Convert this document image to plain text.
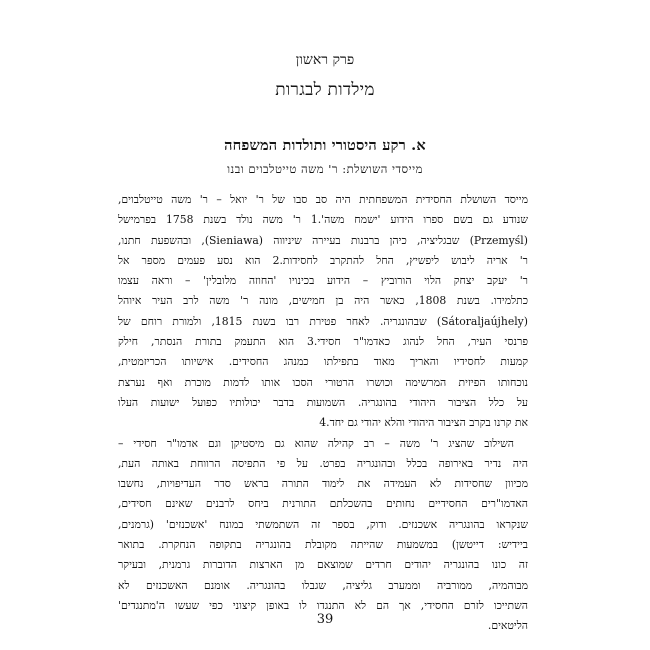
פרק ראשון
מילדות לבגרות
א. רקע היסטורי ותולדות המשפחה
מייסדי השושלת: ר' משה טייטלבוים ובנו
מייסד השושלת החסידית המשפחתית היה סב סבו של ר' יואל – ר' משה טייטלבוים,
שנודע גם בשם ספרו הידוע 'ישמח משה'.1 ר' משה נולד בשנת 1758 בפרמישל
(Przemyśl) שבגליציה, כיהן ברבנות בעיירה שיניווה (Sieniawa), ובהשפעת חתנו,
ר' אריה ליבוש ליפשיץ, החל להתקרב לחסידות.2 הוא נסע פעמים מספר אל
ר' יעקב יצחק הלוי הורוביץ – הידוע בכינויו 'החוזה מלובלין' – וראה עצמו
כתלמידו. בשנת 1808, כאשר היה בן חמישים, מונה ר' משה לרב העיר איוהל
(Sátoraljaújhely) שבהונגריה. לאחר פטירת רבו בשנת 1815, ולמורת רוחם של
פרנסי העיר, החל לנהוג כאדמו"ר חסידי.3 הוא התעמק בתורת הנסתר, חילק
קמעות לחסידיו והאריך מאוד בתפילתו כמנהג החסידים. אישיותו הכריזמטית,
נוכחותו הפיזית המרשימה וכושרו הרטורי הסכו אותו לדמות מוכרת ואף נערצת
על כלל הציבור היהודי בהונגריה. השמועות בדבר יכולותיו כפועל ישועות העלו
את קרנו בקרב הציבור היהודי והלא יהודי גם יחד.4
השילוב שהציג ר' משה – רב קהילה שהוא גם מיסטיקן וגם אדמו"ר חסידי –
היה נדיר באירופה בכלל ובהונגריה בפרט. על פי התפיסה הרווחת באותה העת,
מכיוון שחסידות לא העמידה את לימוד התורה בראש סדר העדיפויות, נחשבו
האדמו"רים החסידיים נחותים בהשכלתם התורנית ביחס לרבנים שאינם חסידים,
שנקראו בהונגריה אשכנזים. ודוק, בספר זה השתמשתי במונח 'אשכנזים' (גרמנים,
ביידיש: דייטשן) במשמעות שהייתה מקובלת בהונגריה בתקופה הנחקרת. בתואר
זה כונו בהונגריה יהודים חרדים שמוצאם מן הארצות הדוברות גרמנית, ובעיקר
מבוהמיה, ממורביה וממערב גליציה, שגבלו בהונגריה. אומנם האשכנזים לא
השתייכו לזרם החסידי, אך הם לא התנגדו לו באופן קיצוני כפי שעשו ה'מתנגדים'
הליטאים.
39
